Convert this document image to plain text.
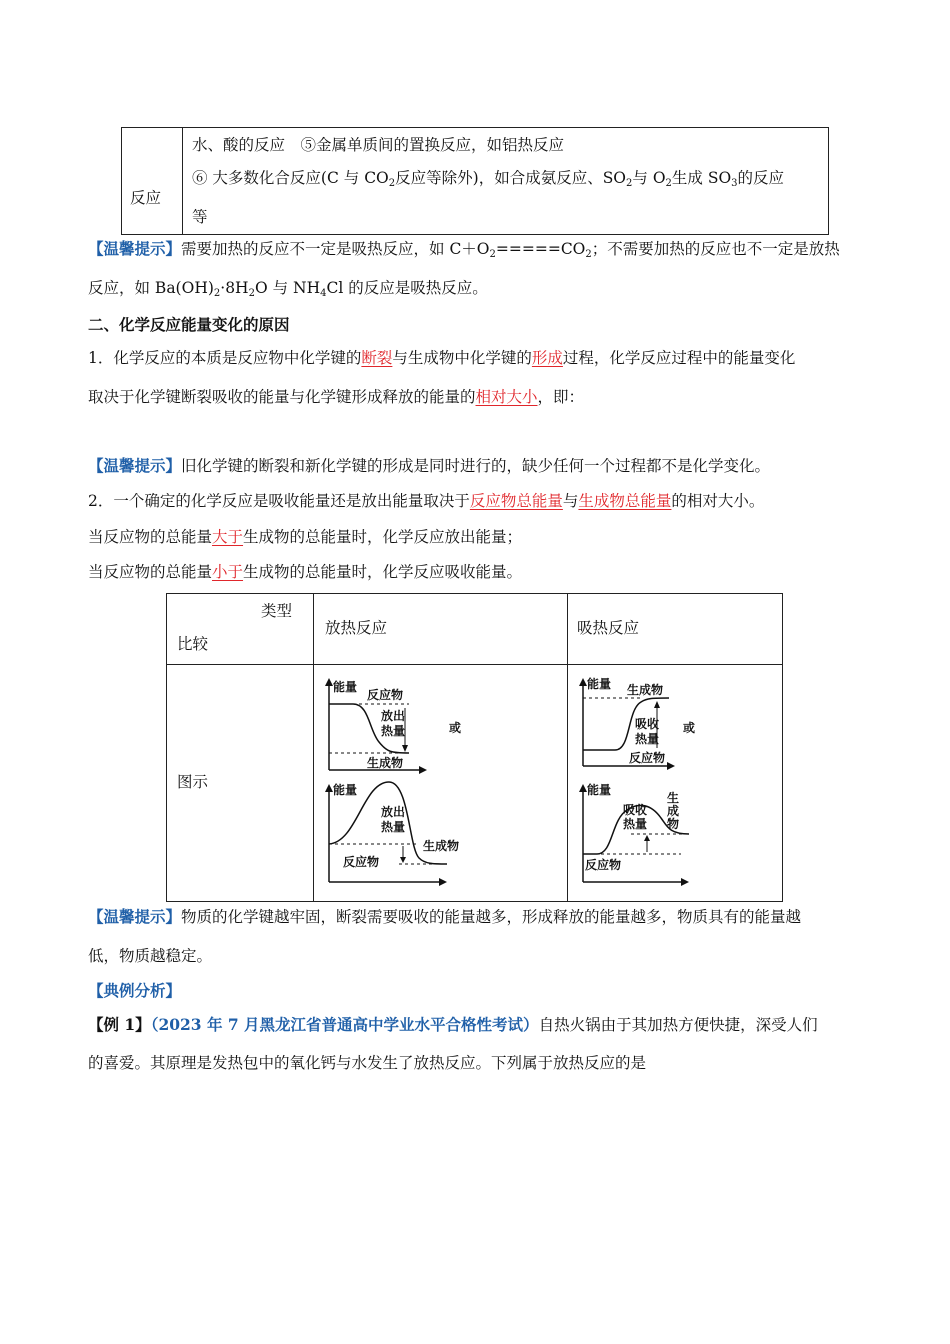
反应
水、酸的反应　⑤金属单质间的置换反应，如铝热反应
⑥ 大多数化合反应(C 与 $CO_2$反应等除外)，如合成氨反应、$SO_2$与 $O_2$生成 $SO_3$的反应
等
【温馨提示】需要加热的反应不一定是吸热反应，如 $C+O_2=====CO_2$；不需要加热的反应也不一定是放热
反应，如 $Ba(OH)_2\cdot 8H_2O$ 与 $NH_4Cl$ 的反应是吸热反应。
二、化学反应能量变化的原因
1．化学反应的本质是反应物中化学键的断裂与生成物中化学键的形成过程，化学反应过程中的能量变化
取决于化学键断裂吸收的能量与化学键形成释放的能量的相对大小，即：
【温馨提示】旧化学键的断裂和新化学键的形成是同时进行的，缺少任何一个过程都不是化学变化。
2．一个确定的化学反应是吸收能量还是放出能量取决于反应物总能量与生成物总能量的相对大小。
当反应物的总能量大于生成物的总能量时，化学反应放出能量；
当反应物的总能量小于生成物的总能量时，化学反应吸收能量。
类型
比较
放热反应	吸热反应
图示
能量
反应物
放出
热量
生成物
或
能量
放出
热量
生成物
反应物
能量 生成物
吸收
热量
反应物
或
能量
吸收
热量
生
成
物
反应物
【温馨提示】物质的化学键越牢固，断裂需要吸收的能量越多，形成释放的能量越多，物质具有的能量越
低，物质越稳定。
【典例分析】
【例 1】（2023 年 7 月黑龙江省普通高中学业水平合格性考试）自热火锅由于其加热方便快捷，深受人们
的喜爱。其原理是发热包中的氧化钙与水发生了放热反应。下列属于放热反应的是
